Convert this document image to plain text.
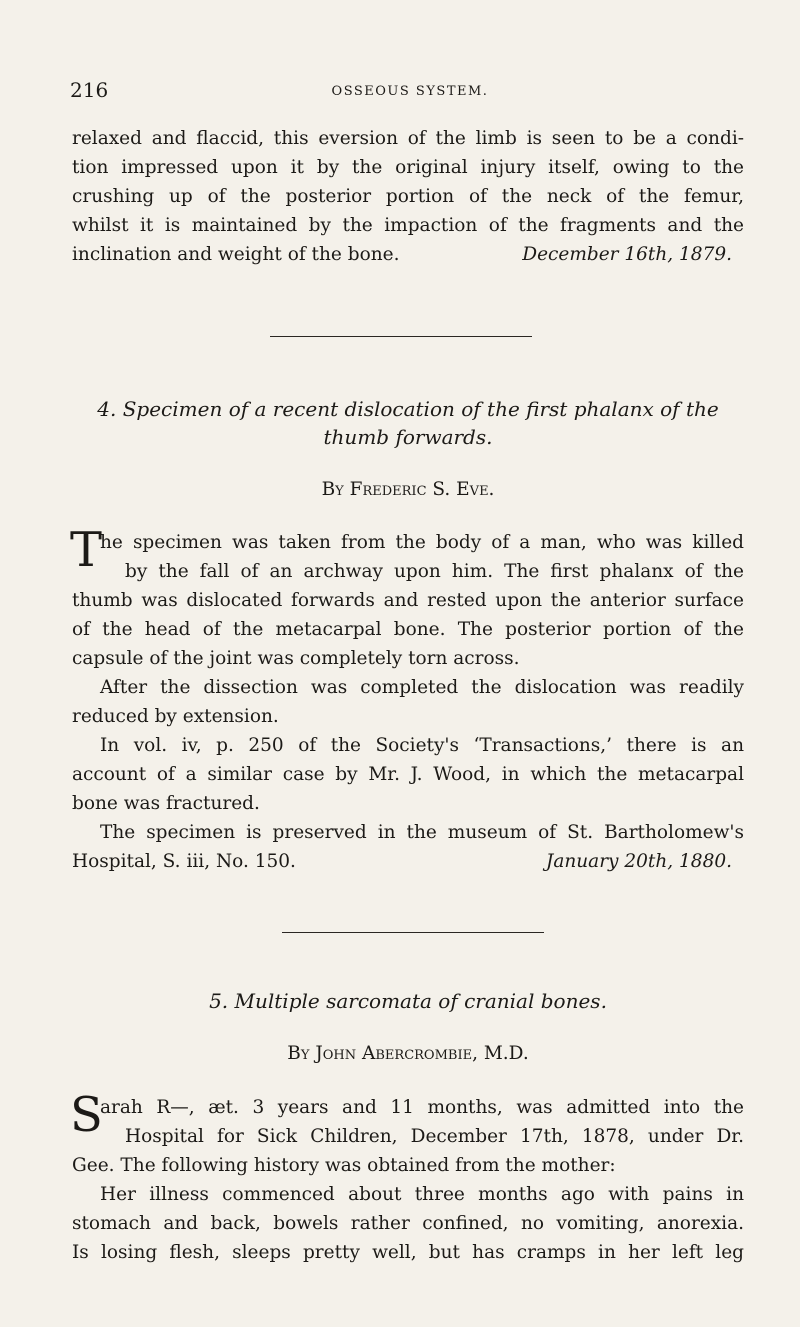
216	OSSEOUS SYSTEM.
relaxed and flaccid, this eversion of the limb is seen to be a condi-
tion impressed upon it by the original injury itself, owing to the
crushing up of the posterior portion of the neck of the femur,
whilst it is maintained by the impaction of the fragments and the
inclination and weight of the bone.	December 16th, 1879.
4. Specimen of a recent dislocation of the first phalanx of the
thumb forwards.
By Frederic S. Eve.
T
he specimen was taken from the body of a man, who was killed
by the fall of an archway upon him. The first phalanx of the
thumb was dislocated forwards and rested upon the anterior surface
of the head of the metacarpal bone. The posterior portion of the
capsule of the joint was completely torn across.
After the dissection was completed the dislocation was readily
reduced by extension.
In vol. iv, p. 250 of the Society's ‘Transactions,’ there is an
account of a similar case by Mr. J. Wood, in which the metacarpal
bone was fractured.
The specimen is preserved in the museum of St. Bartholomew's
Hospital, S. iii, No. 150.	January 20th, 1880.
5. Multiple sarcomata of cranial bones.
By John Abercrombie, M.D.
S
arah R—, æt. 3 years and 11 months, was admitted into the
Hospital for Sick Children, December 17th, 1878, under Dr.
Gee. The following history was obtained from the mother:
Her illness commenced about three months ago with pains in
stomach and back, bowels rather confined, no vomiting, anorexia.
Is losing flesh, sleeps pretty well, but has cramps in her left leg
